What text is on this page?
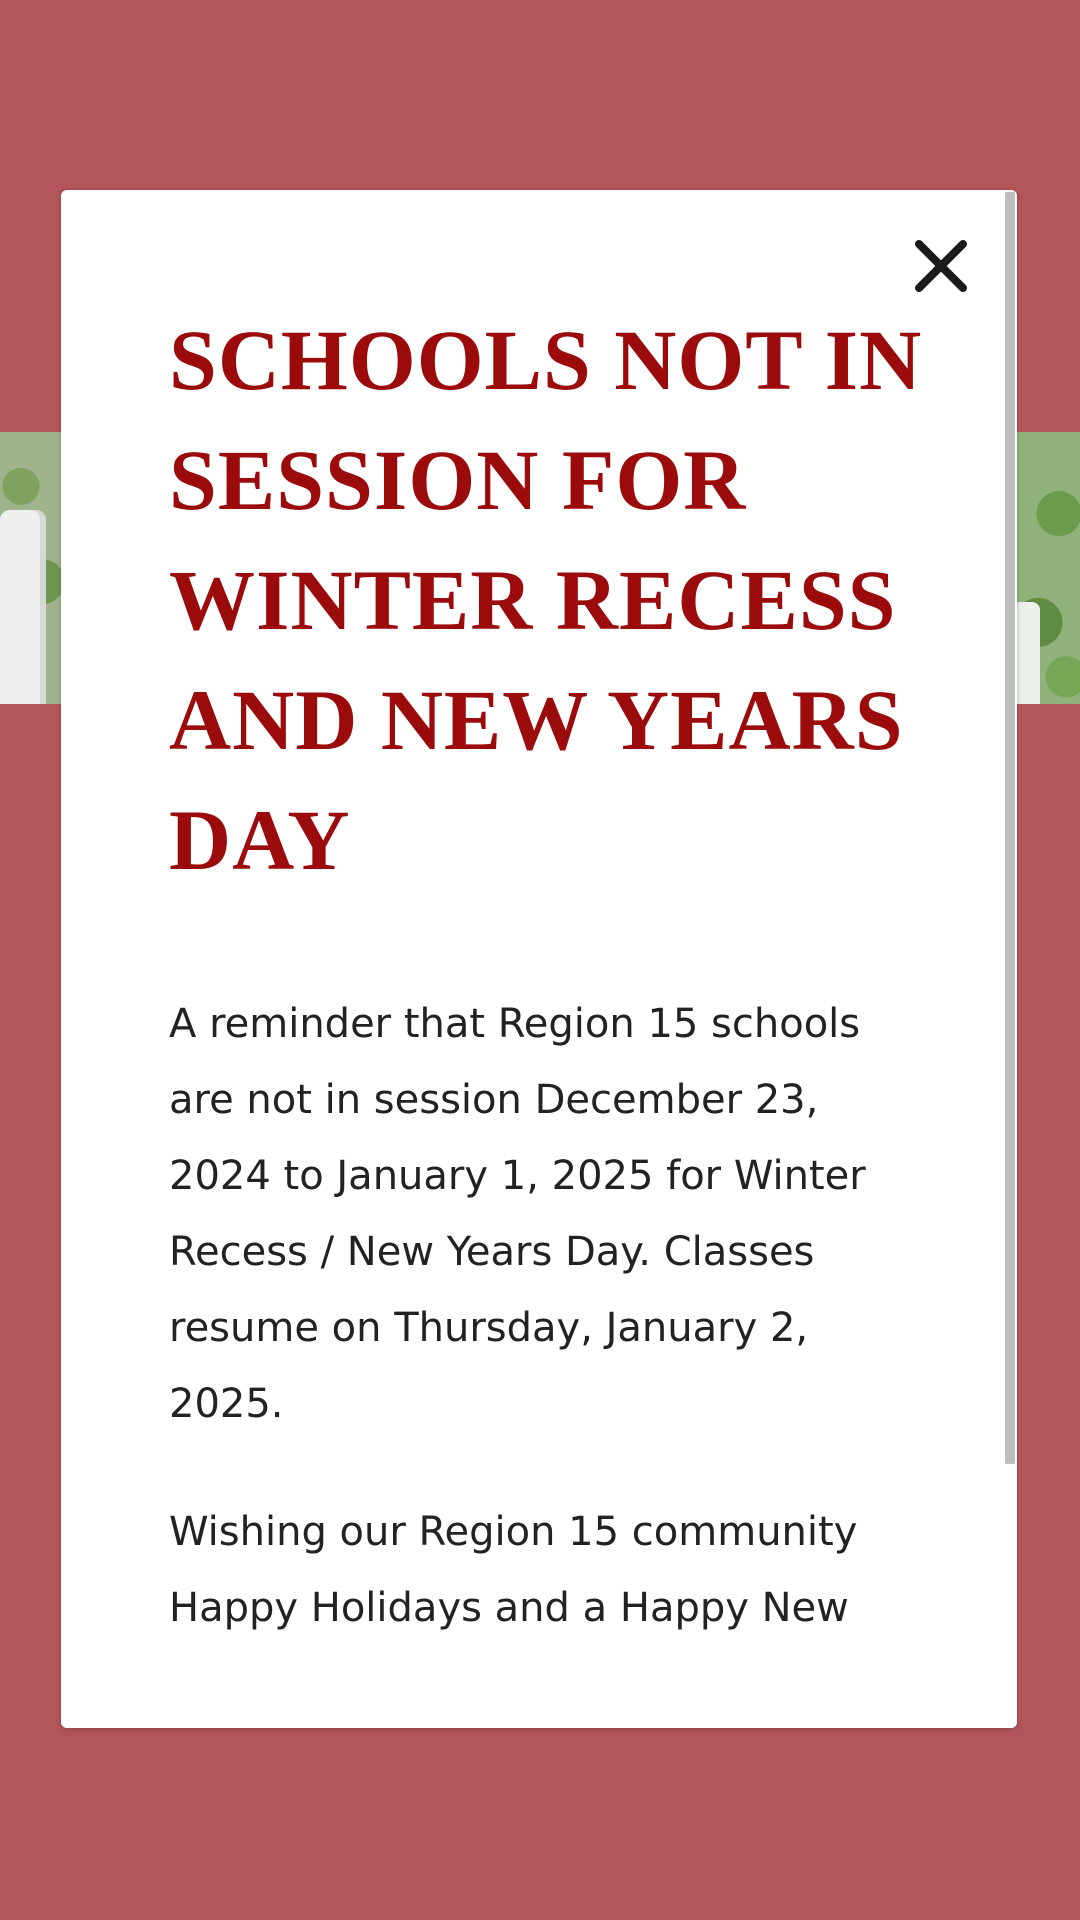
SCHOOLS NOT IN SESSION FOR WINTER RECESS AND NEW YEARS DAY

A reminder that Region 15 schools are not in session December 23, 2024 to January 1, 2025 for Winter Recess / New Years Day. Classes resume on Thursday, January 2, 2025.

Wishing our Region 15 community Happy Holidays and a Happy New
